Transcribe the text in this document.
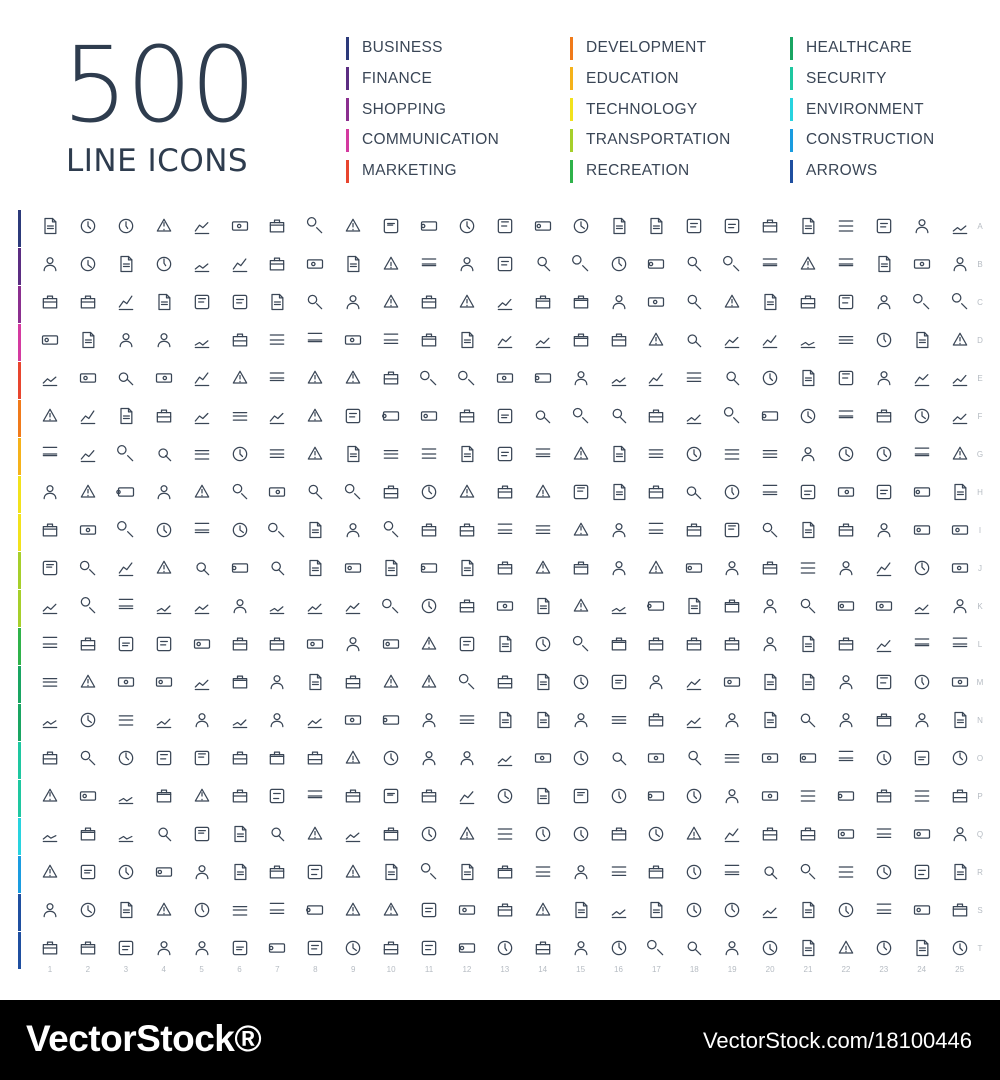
500
LINE ICONS
BUSINESS
FINANCE
SHOPPING
COMMUNICATION
MARKETING
DEVELOPMENT
EDUCATION
TECHNOLOGY
TRANSPORTATION
RECREATION
HEALTHCARE
SECURITY
ENVIRONMENT
CONSTRUCTION
ARROWS
A
B
C
D
E
F
G
H
I
J
K
L
M
N
O
P
Q
R
S
T
VectorStock®	VectorStock.com/18100446
1	2	3	4	5	6	7	8	9	10	11	12	13	14	15	16	17	18	19	20	21	22	23	24	25
